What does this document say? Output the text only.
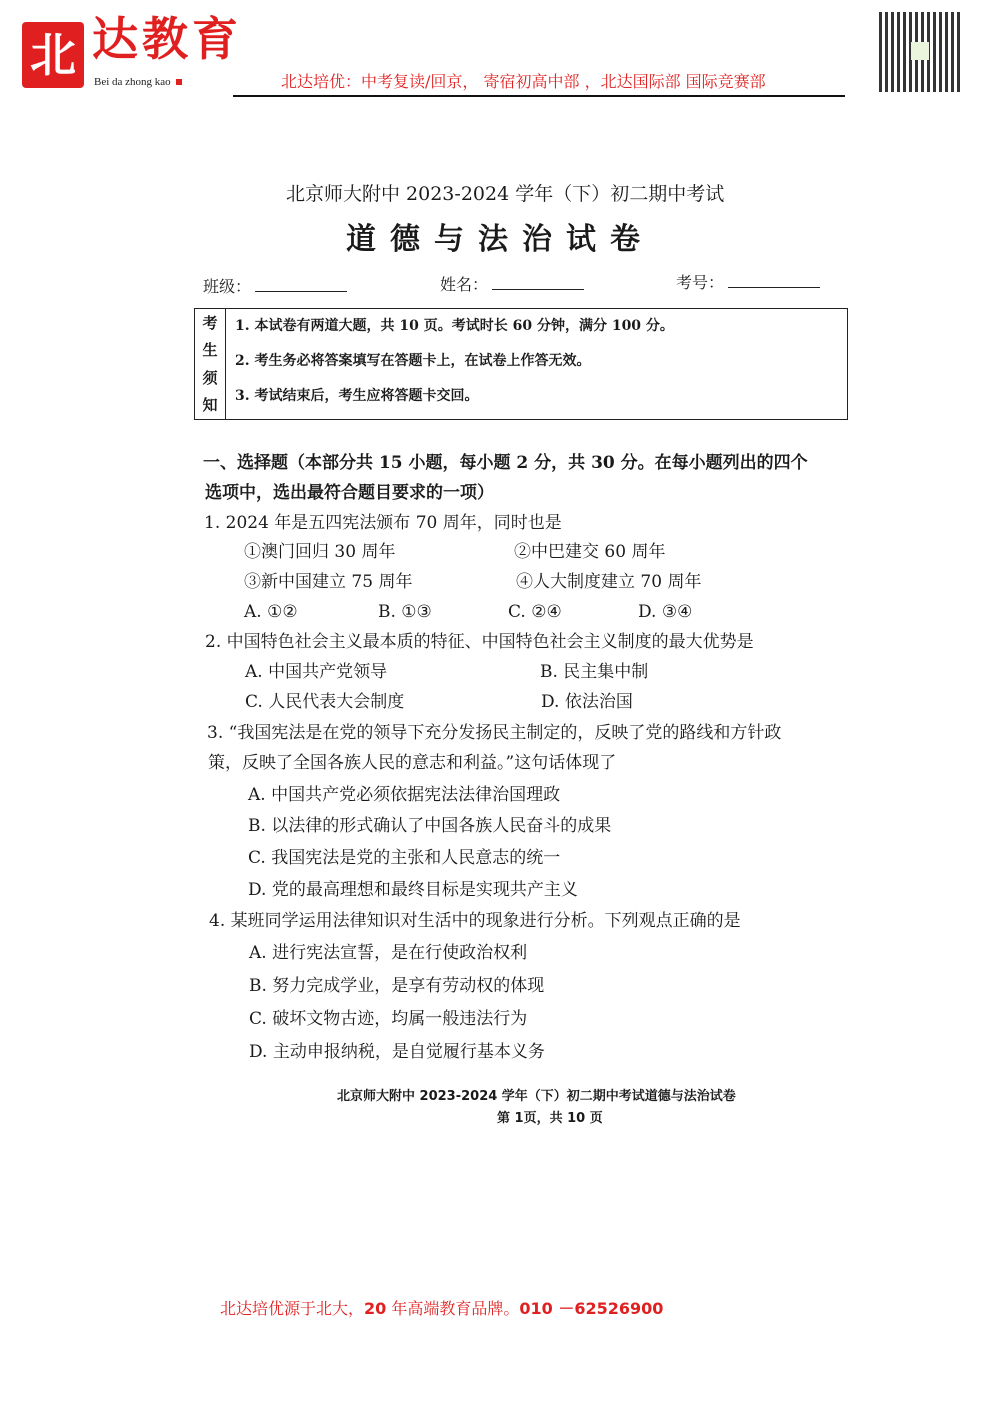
北 达教育
Bei da zhong kao	北达培优：中考复读/回京， 寄宿初高中部 ，北达国际部 国际竞赛部
北京师大附中 2023-2024 学年（下）初二期中考试
道德与法治试卷
班级：	姓名：	考号：
考
生
须
知
1. 本试卷有两道大题，共 10 页。考试时长 60 分钟，满分 100 分。
2. 考生务必将答案填写在答题卡上，在试卷上作答无效。
3. 考试结束后，考生应将答题卡交回。
一、选择题（本部分共 15 小题，每小题 2 分，共 30 分。在每小题列出的四个
选项中，选出最符合题目要求的一项）
1. 2024 年是五四宪法颁布 70 周年，同时也是
①澳门回归 30 周年	②中巴建交 60 周年
③新中国建立 75 周年	④人大制度建立 70 周年
A. ①②	B. ①③	C. ②④	D. ③④
2. 中国特色社会主义最本质的特征、中国特色社会主义制度的最大优势是
A. 中国共产党领导	B. 民主集中制
C. 人民代表大会制度	D. 依法治国
3. “我国宪法是在党的领导下充分发扬民主制定的，反映了党的路线和方针政
策，反映了全国各族人民的意志和利益。”这句话体现了
A. 中国共产党必须依据宪法法律治国理政
B. 以法律的形式确认了中国各族人民奋斗的成果
C. 我国宪法是党的主张和人民意志的统一
D. 党的最高理想和最终目标是实现共产主义
4. 某班同学运用法律知识对生活中的现象进行分析。下列观点正确的是
A. 进行宪法宣誓，是在行使政治权利
B. 努力完成学业，是享有劳动权的体现
C. 破坏文物古迹，均属一般违法行为
D. 主动申报纳税，是自觉履行基本义务
北京师大附中 2023-2024 学年（下）初二期中考试道德与法治试卷
第 1页，共 10 页
北达培优源于北大，20 年高端教育品牌。010 －62526900
